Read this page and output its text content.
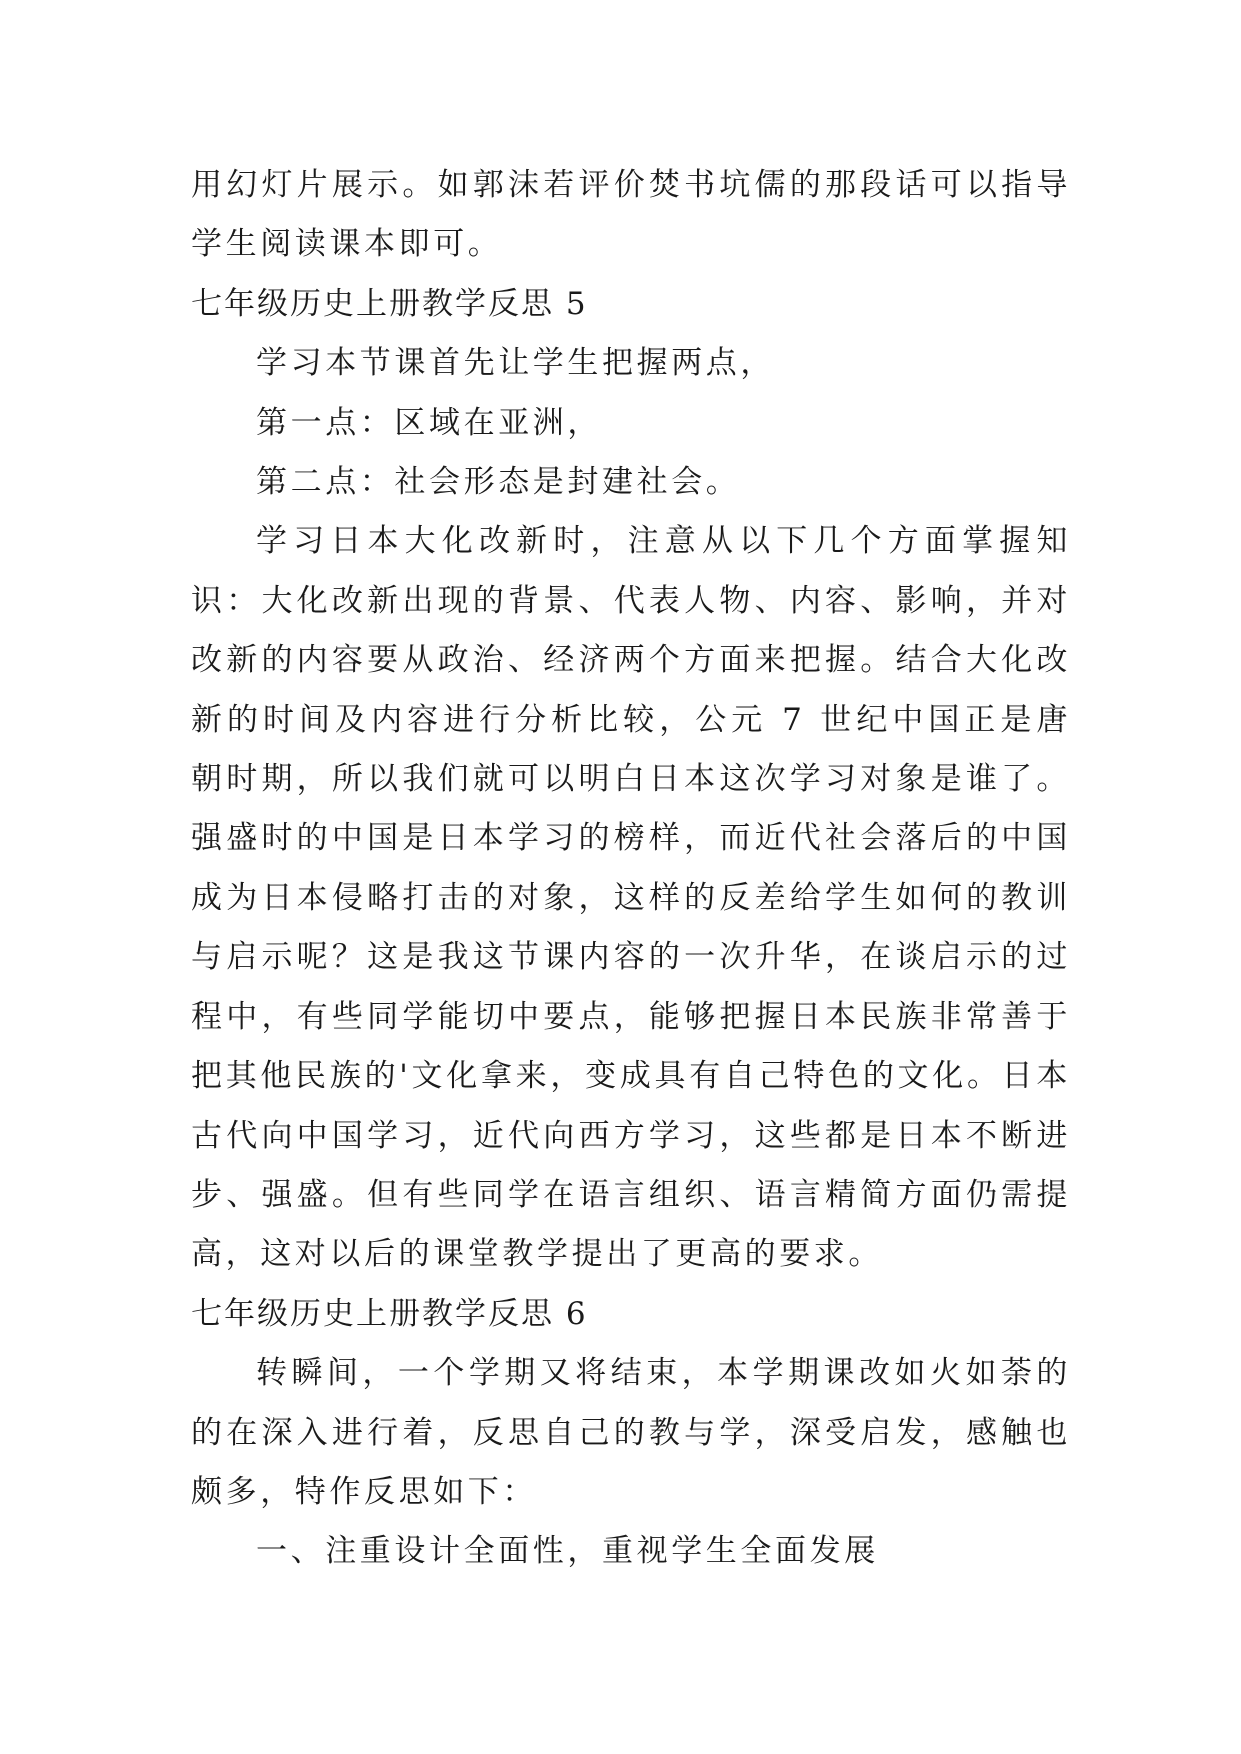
用幻灯片展示。如郭沫若评价焚书坑儒的那段话可以指导学生阅读课本即可。

七年级历史上册教学反思 5

学习本节课首先让学生把握两点，

第一点：区域在亚洲，

第二点：社会形态是封建社会。

学习日本大化改新时，注意从以下几个方面掌握知识：大化改新出现的背景、代表人物、内容、影响，并对改新的内容要从政治、经济两个方面来把握。结合大化改新的时间及内容进行分析比较，公元 7 世纪中国正是唐朝时期，所以我们就可以明白日本这次学习对象是谁了。强盛时的中国是日本学习的榜样，而近代社会落后的中国成为日本侵略打击的对象，这样的反差给学生如何的教训与启示呢？这是我这节课内容的一次升华，在谈启示的过程中，有些同学能切中要点，能够把握日本民族非常善于把其他民族的'文化拿来，变成具有自己特色的文化。日本古代向中国学习，近代向西方学习，这些都是日本不断进步、强盛。但有些同学在语言组织、语言精简方面仍需提高，这对以后的课堂教学提出了更高的要求。

七年级历史上册教学反思 6

转瞬间，一个学期又将结束，本学期课改如火如荼的的在深入进行着，反思自己的教与学，深受启发，感触也颇多，特作反思如下：

一、注重设计全面性，重视学生全面发展
